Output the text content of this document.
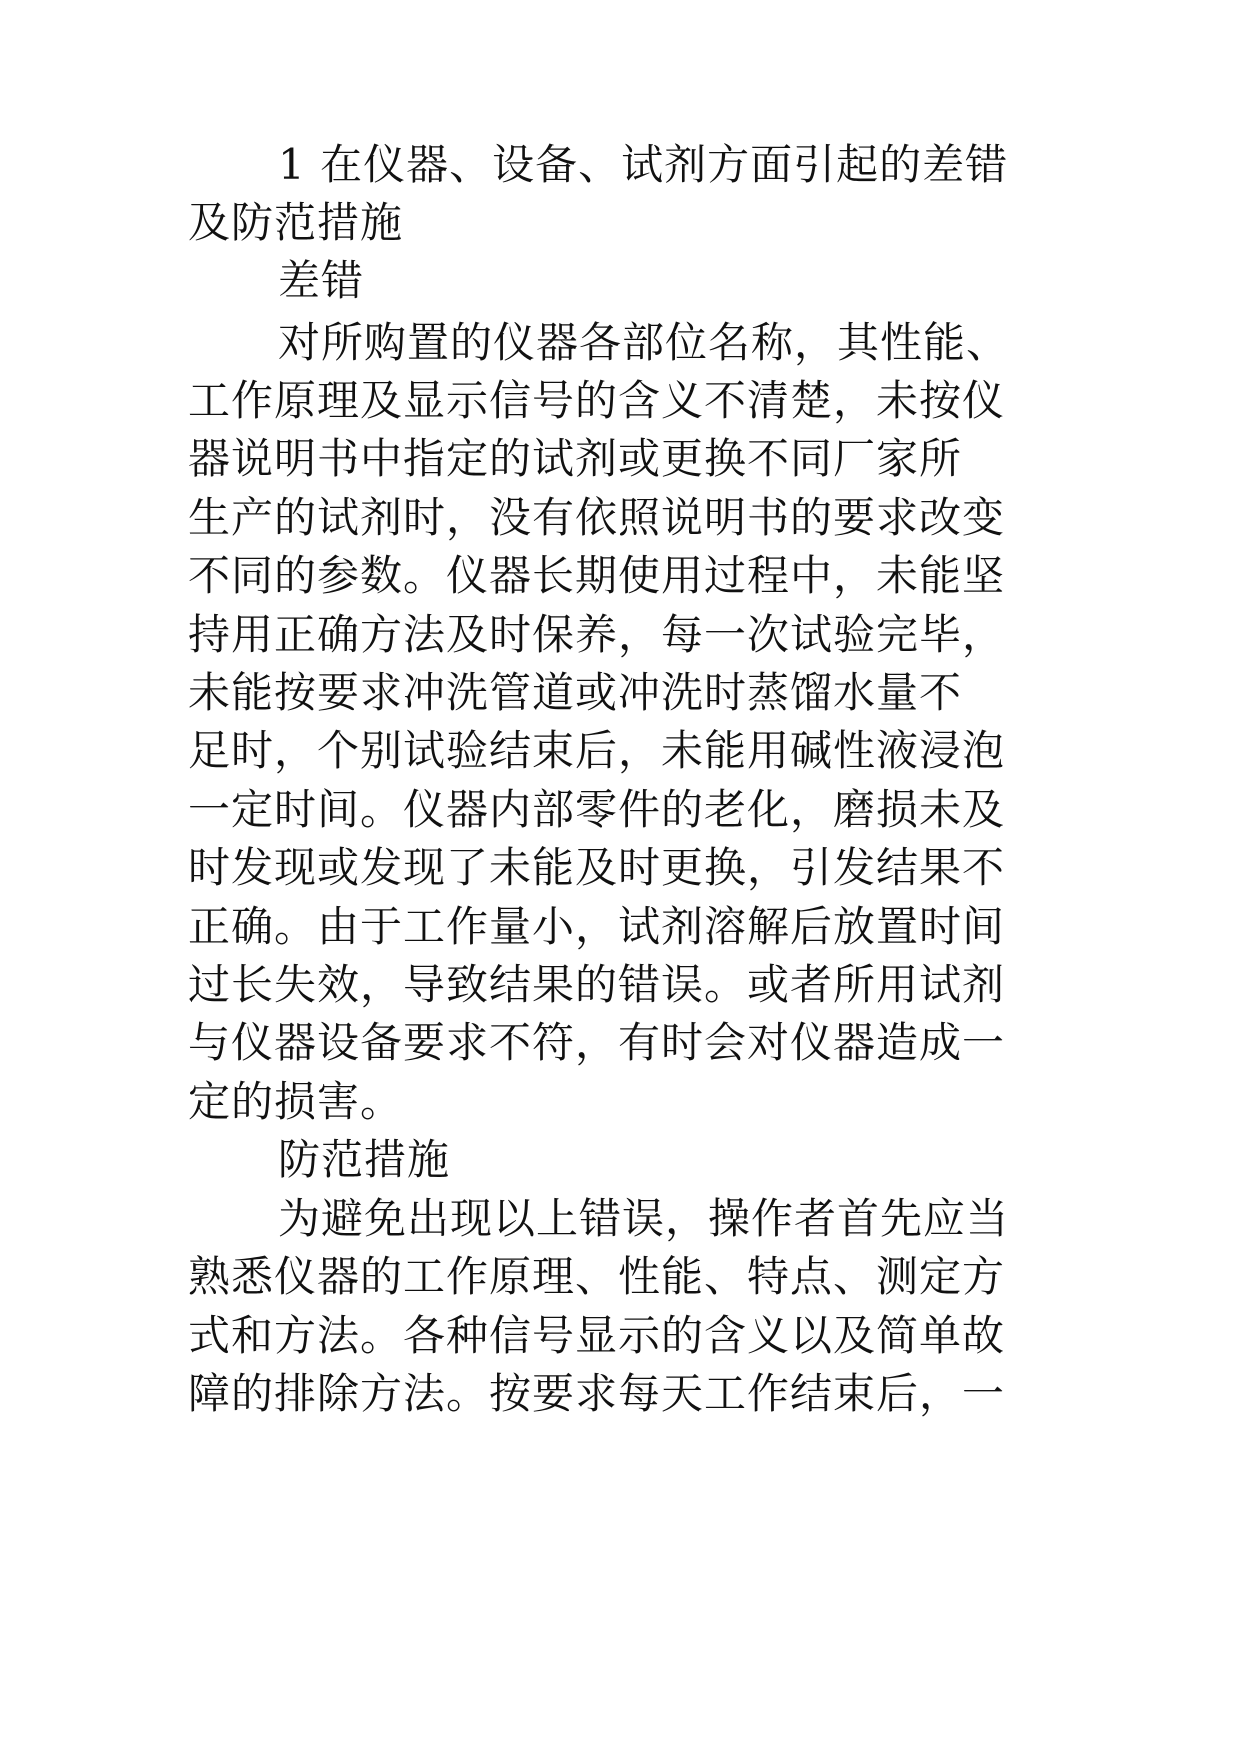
1 在仪器、设备、试剂方面引起的差错
及防范措施
差错
对所购置的仪器各部位名称，其性能、
工作原理及显示信号的含义不清楚，未按仪
器说明书中指定的试剂或更换不同厂家所
生产的试剂时，没有依照说明书的要求改变
不同的参数。仪器长期使用过程中，未能坚
持用正确方法及时保养，每一次试验完毕，
未能按要求冲洗管道或冲洗时蒸馏水量不
足时，个别试验结束后，未能用碱性液浸泡
一定时间。仪器内部零件的老化，磨损未及
时发现或发现了未能及时更换，引发结果不
正确。由于工作量小，试剂溶解后放置时间
过长失效，导致结果的错误。或者所用试剂
与仪器设备要求不符，有时会对仪器造成一
定的损害。
防范措施
为避免出现以上错误，操作者首先应当
熟悉仪器的工作原理、性能、特点、测定方
式和方法。各种信号显示的含义以及简单故
障的排除方法。按要求每天工作结束后，一
